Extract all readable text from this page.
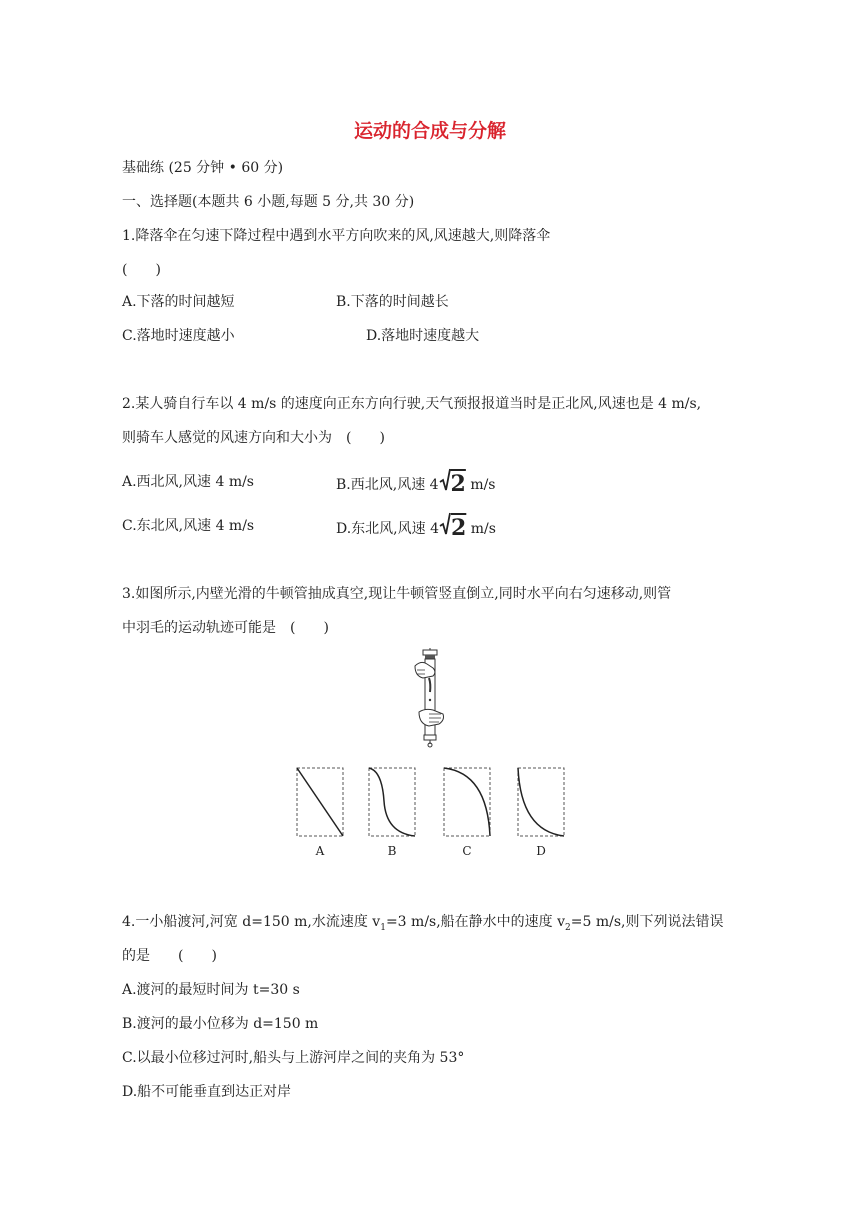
运动的合成与分解
基础练 (25 分钟 • 60 分)
一、选择题(本题共 6 小题,每题 5 分,共 30 分)
1.降落伞在匀速下降过程中遇到水平方向吹来的风,风速越大,则降落伞
(　　)
A.下落的时间越短	B.下落的时间越长
C.落地时速度越小	D.落地时速度越大
2.某人骑自行车以 4 m/s 的速度向正东方向行驶,天气预报报道当时是正北风,风速也是 4 m/s,
则骑车人感觉的风速方向和大小为　(　　)
A.西北风,风速 4 m/s	B.西北风,风速 4 2 m/s
C.东北风,风速 4 m/s	D.东北风,风速 4 2 m/s
3.如图所示,内壁光滑的牛顿管抽成真空,现让牛顿管竖直倒立,同时水平向右匀速移动,则管
中羽毛的运动轨迹可能是　(　　)
A	B	C	D
4.一小船渡河,河宽 d=150 m,水流速度 $v_1=3$ m/s,船在静水中的速度 $v_2=5$ m/s,则下列说法错误
的是　　(　　)
A.渡河的最短时间为 t=30 s
B.渡河的最小位移为 d=150 m
C.以最小位移过河时,船头与上游河岸之间的夹角为 53°
D.船不可能垂直到达正对岸
